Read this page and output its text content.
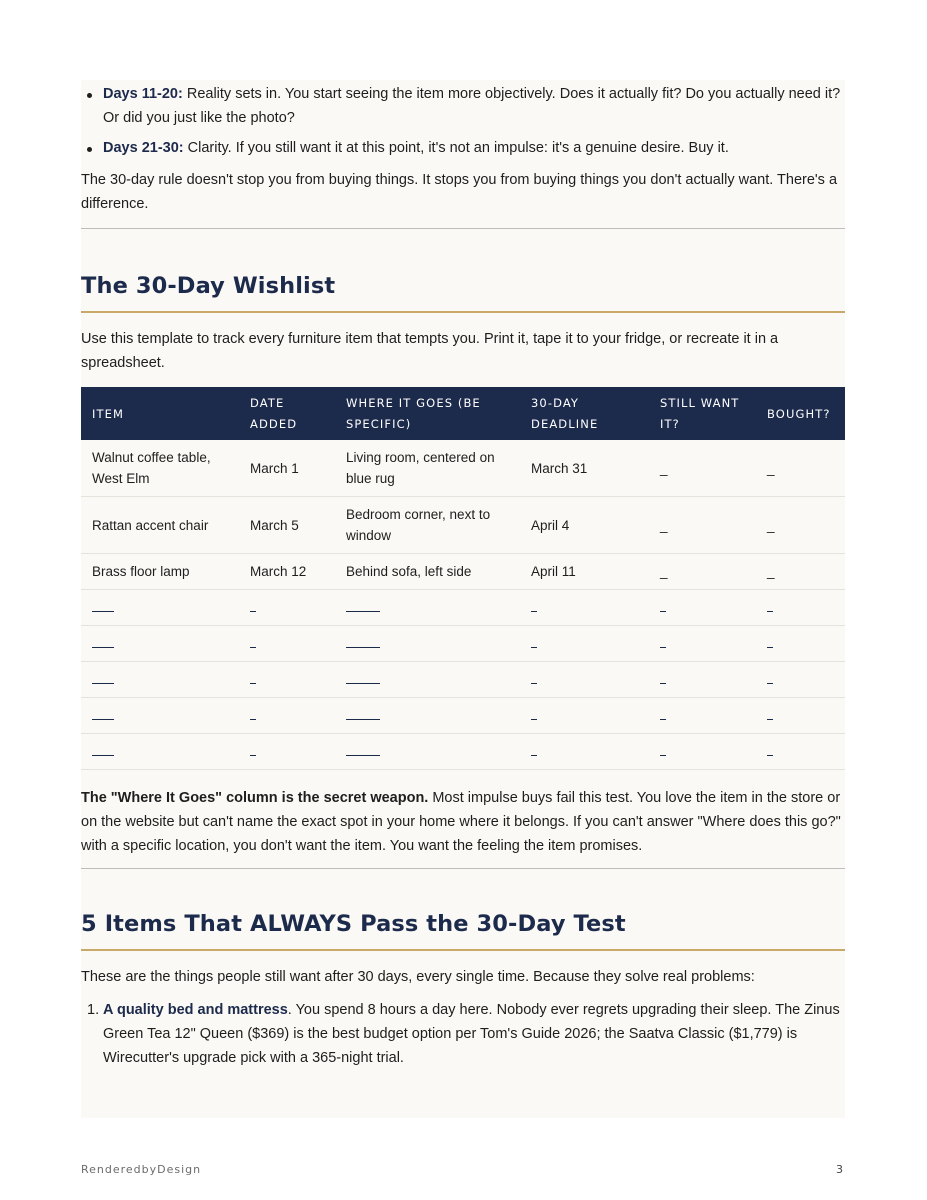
Days 11-20: Reality sets in. You start seeing the item more objectively. Does it actually fit? Do you actually need it? Or did you just like the photo?
Days 21-30: Clarity. If you still want it at this point, it's not an impulse: it's a genuine desire. Buy it.

The 30-day rule doesn't stop you from buying things. It stops you from buying things you don't actually want. There's a difference.

The 30-Day Wishlist

Use this template to track every furniture item that tempts you. Print it, tape it to your fridge, or recreate it in a spreadsheet.

ITEM	DATE ADDED	WHERE IT GOES (BE SPECIFIC)	30-DAY DEADLINE	STILL WANT IT?	BOUGHT?
Walnut coffee table, West Elm	March 1	Living room, centered on blue rug	March 31	_	_
Rattan accent chair	March 5	Bedroom corner, next to window	April 4	_	_
Brass floor lamp	March 12	Behind sofa, left side	April 11	_	_

The "Where It Goes" column is the secret weapon. Most impulse buys fail this test. You love the item in the store or on the website but can't name the exact spot in your home where it belongs. If you can't answer "Where does this go?" with a specific location, you don't want the item. You want the feeling the item promises.

5 Items That ALWAYS Pass the 30-Day Test

These are the things people still want after 30 days, every single time. Because they solve real problems:

1. A quality bed and mattress. You spend 8 hours a day here. Nobody ever regrets upgrading their sleep. The Zinus Green Tea 12" Queen ($369) is the best budget option per Tom's Guide 2026; the Saatva Classic ($1,779) is Wirecutter's upgrade pick with a 365-night trial.
RenderedbyDesign	3
